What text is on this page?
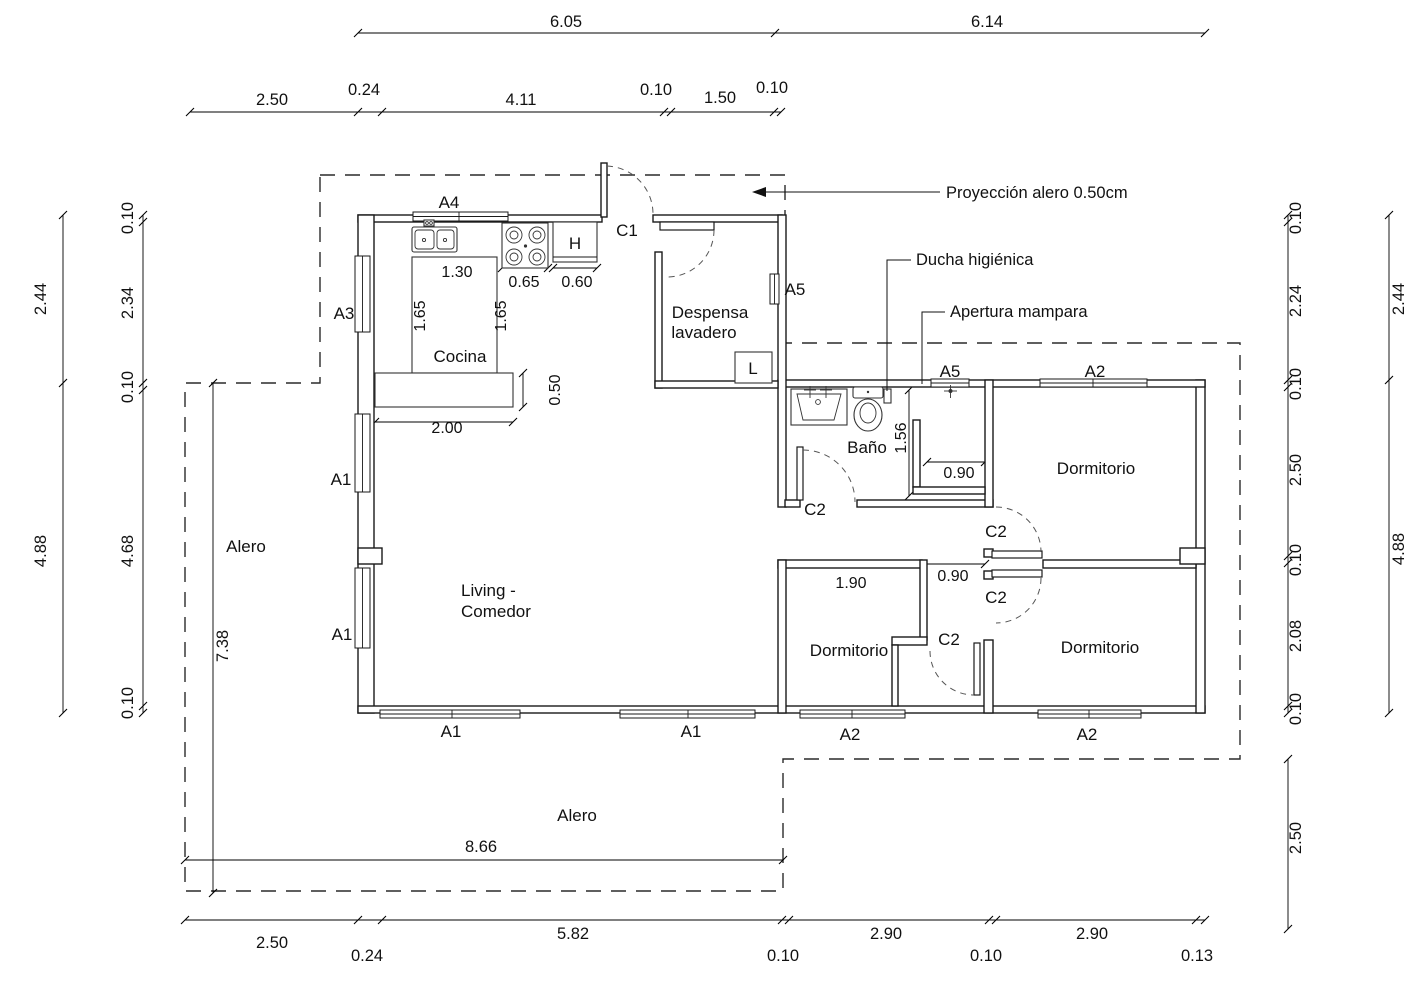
6.05	6.14
2.50
0.24
4.11
0.10 1.50
0.10
2.50
0.24
5.82
0.10
2.90
0.10
2.90
0.13
8.66
2.44
4.88
0.10
2.34
0.10
4.68
0.10
7.38
0.10
2.24
0.10
2.50
0.10
2.08
0.10
2.50
2.44
4.88
1.30
0.65 0.60
1.65	1.65
2.00
0.50
1.56
0.90
0.90
1.90
Cocina
Living -
Comedor
Despensa
lavadero
Baño
Dormitorio
Dormitorio	Dormitorio
Alero
Alero
A4
A3
A1
A1
A1	A1	A2	A2
A2
A5
A5
C1
C2
C2
C2
C2
H
L
Proyección alero 0.50cm
Ducha higiénica
Apertura mampara
